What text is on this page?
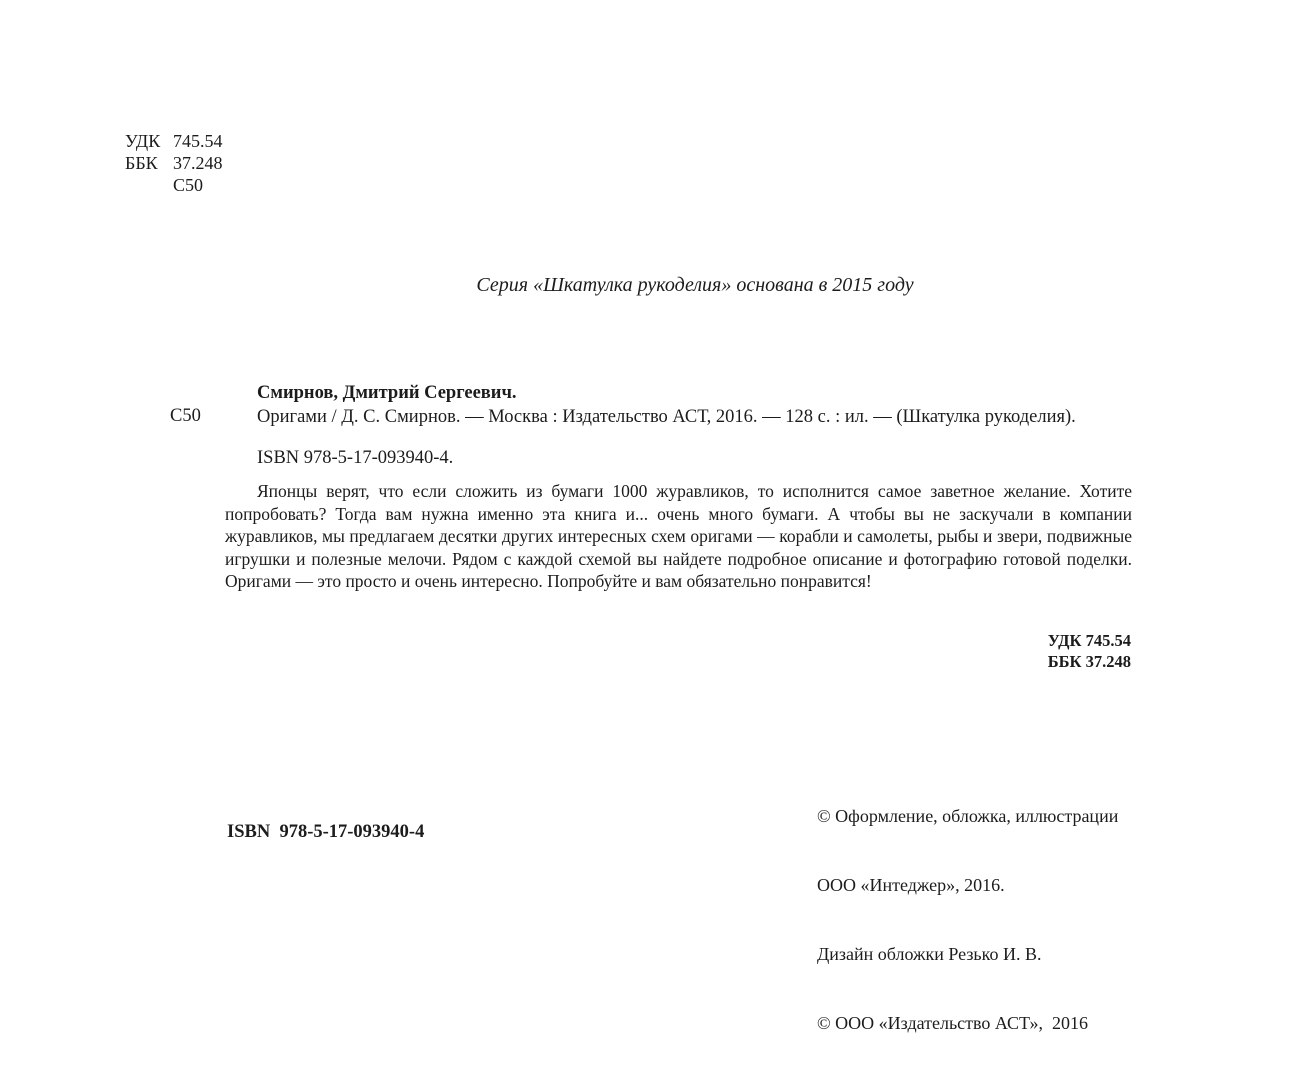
УДК 745.54
ББК 37.248
С50
Серия «Шкатулка рукоделия» основана в 2015 году
С50

Смирнов, Дмитрий Сергеевич.

Оригами / Д. С. Смирнов. — Москва : Издательство АСТ, 2016. — 128 с. : ил. — (Шкатулка рукоделия).

ISBN 978-5-17-093940-4.

Японцы верят, что если сложить из бумаги 1000 журавликов, то исполнится самое заветное желание. Хотите попробовать? Тогда вам нужна именно эта книга и... очень много бумаги. А чтобы вы не заскучали в компании журавликов, мы предлагаем десятки других интересных схем оригами — корабли и самолеты, рыбы и звери, подвижные игрушки и полезные мелочи. Рядом с каждой схемой вы найдете подробное описание и фотографию готовой поделки. Оригами — это просто и очень интересно. Попробуйте и вам обязательно понравится!

УДК 745.54
ББК 37.248
ISBN  978-5-17-093940-4

© Оформление, обложка, иллюстрации

ООО «Интеджер», 2016.

Дизайн обложки Резько И. В.

© ООО «Издательство АСТ»,  2016
